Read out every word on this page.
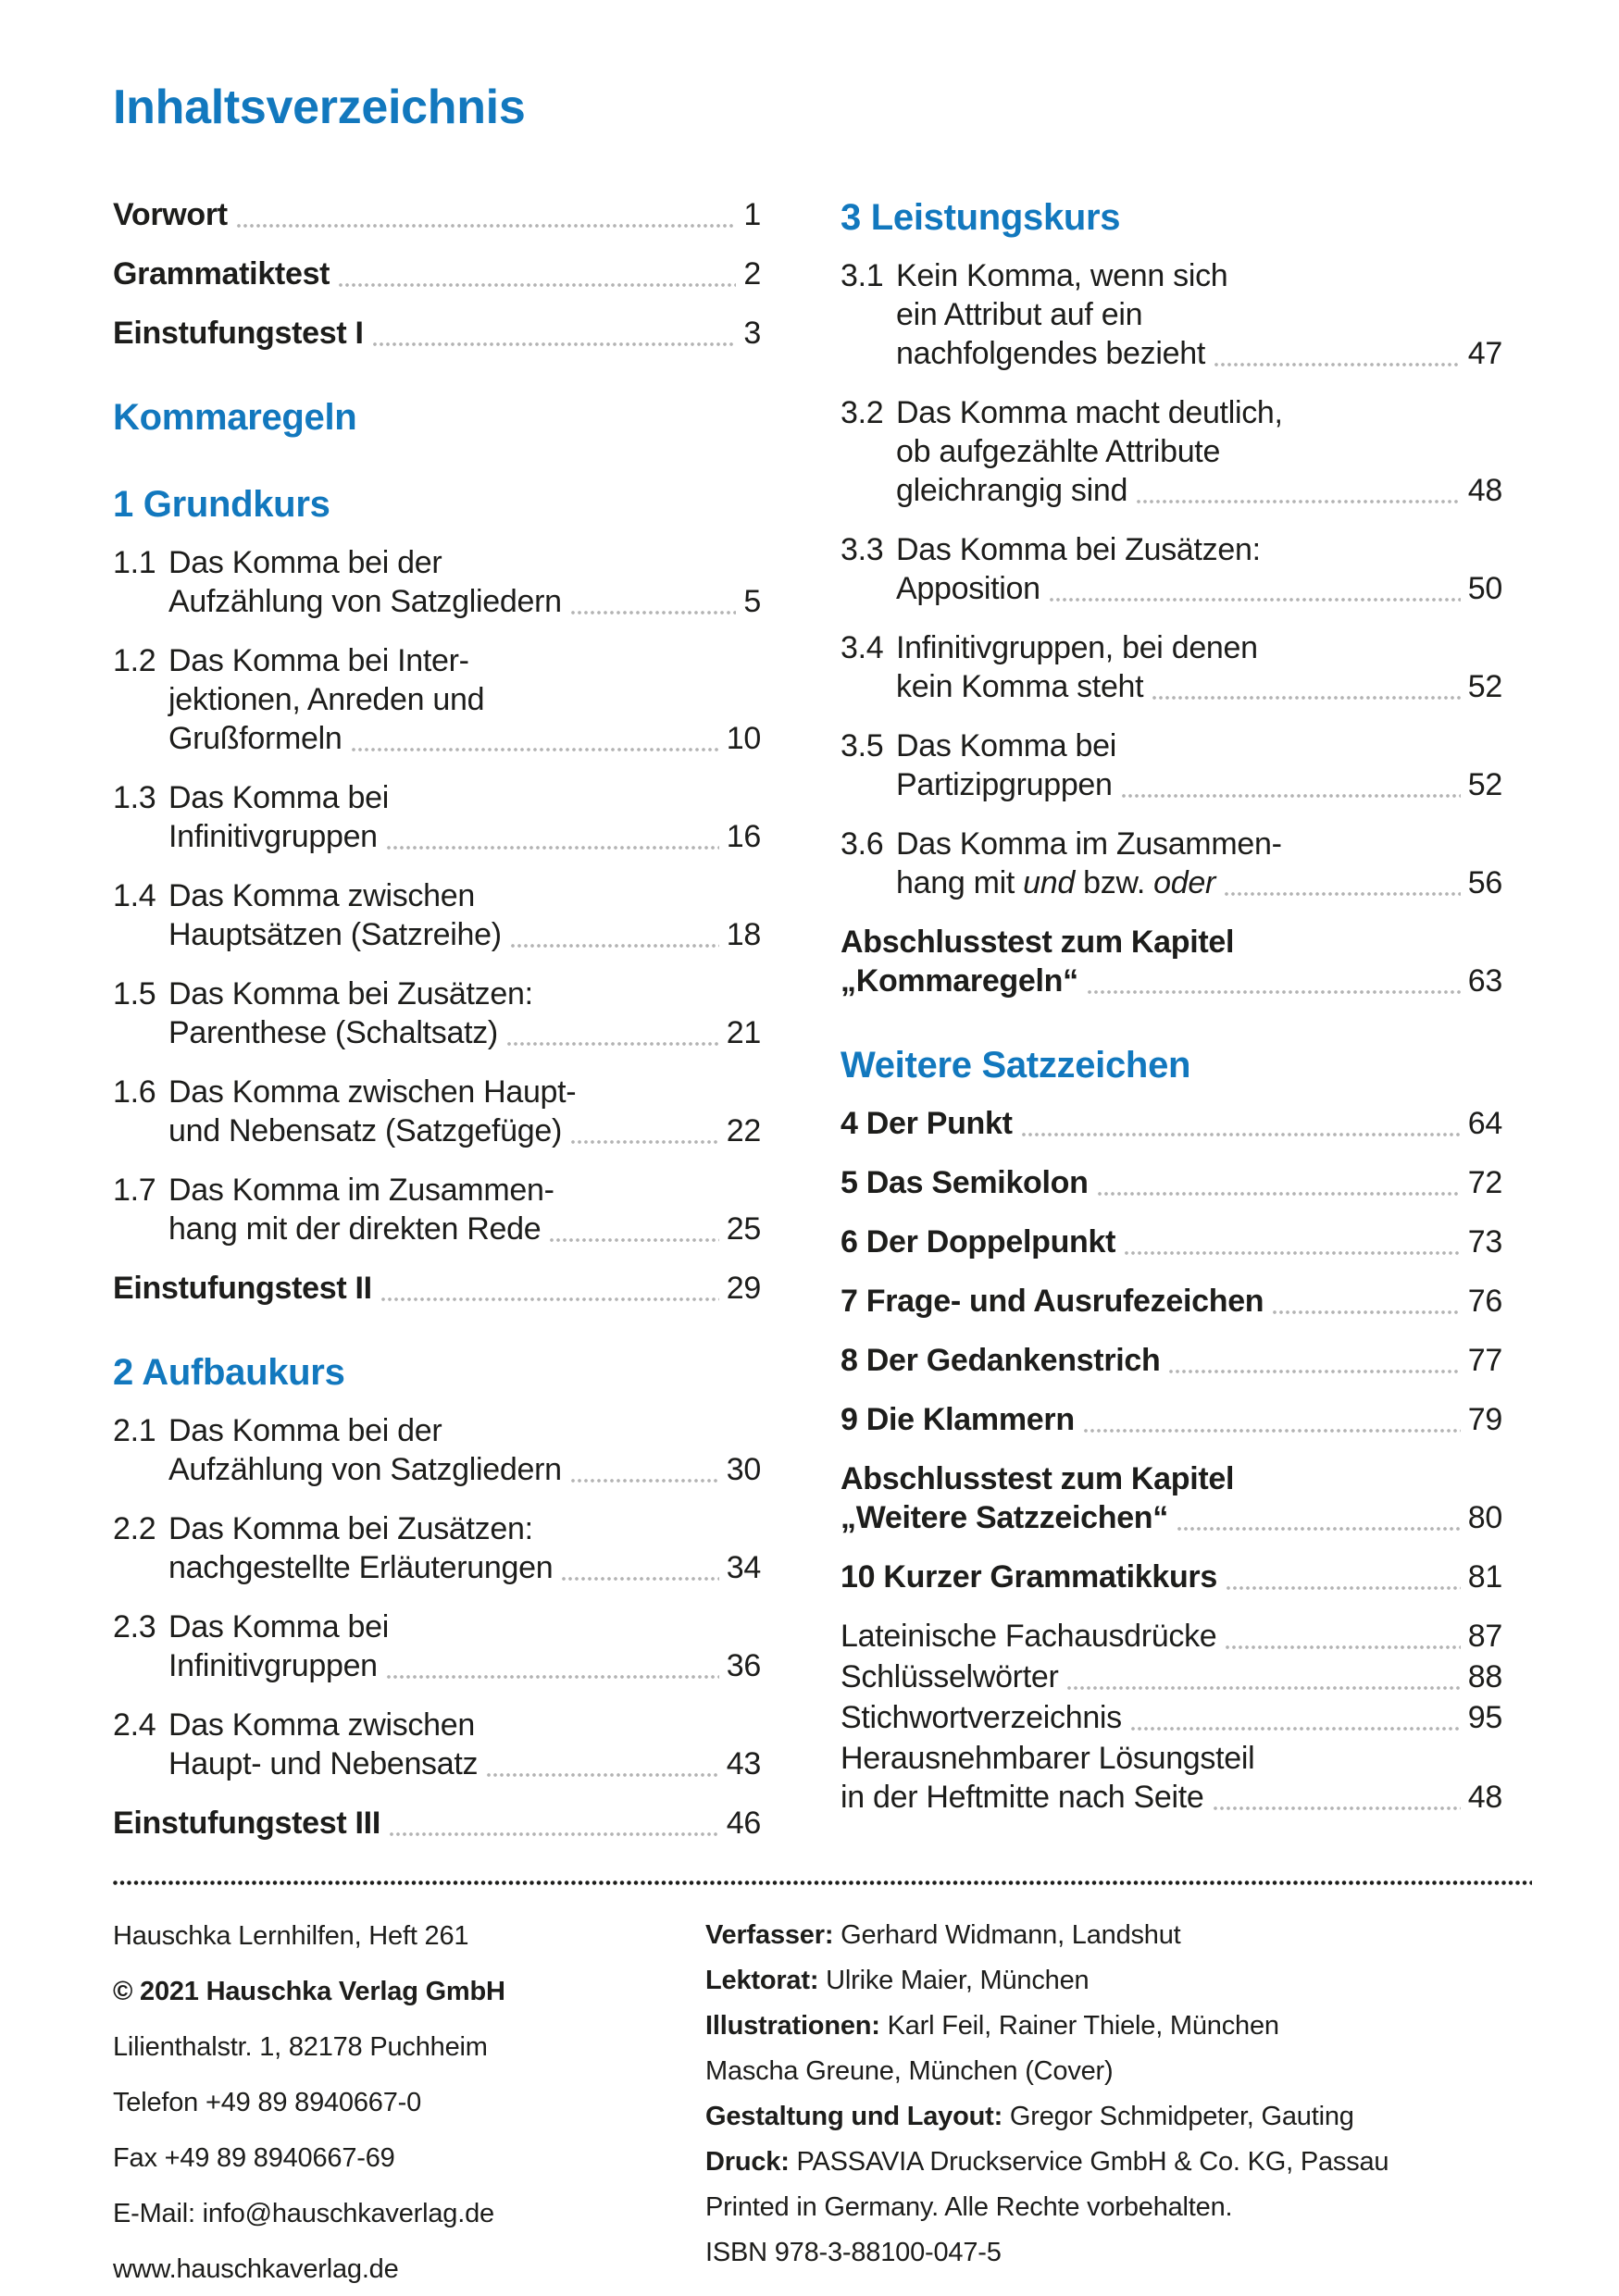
Inhaltsverzeichnis
Vorwort	1
Grammatiktest	2
Einstufungstest I	3
Kommaregeln
1 Grundkurs
1.1 Das Komma bei der
Aufzählung von Satzgliedern	5
1.2 Das Komma bei Inter-
jektionen, Anreden und
Grußformeln	10
1.3 Das Komma bei
Infinitivgruppen	16
1.4 Das Komma zwischen
Hauptsätzen (Satzreihe)	18
1.5 Das Komma bei Zusätzen:
Parenthese (Schaltsatz)	21
1.6 Das Komma zwischen Haupt-
und Nebensatz (Satzgefüge)	22
1.7 Das Komma im Zusammen-
hang mit der direkten Rede	25
Einstufungstest II	29
2 Aufbaukurs
2.1 Das Komma bei der
Aufzählung von Satzgliedern	30
2.2 Das Komma bei Zusätzen:
nachgestellte Erläuterungen	34
2.3 Das Komma bei
Infinitivgruppen	36
2.4 Das Komma zwischen
Haupt- und Nebensatz	43
Einstufungstest III	46
3 Leistungskurs
3.1 Kein Komma, wenn sich
ein Attribut auf ein
nachfolgendes bezieht	47
3.2 Das Komma macht deutlich,
ob aufgezählte Attribute
gleichrangig sind	48
3.3 Das Komma bei Zusätzen:
Apposition	50
3.4 Infinitivgruppen, bei denen
kein Komma steht	52
3.5 Das Komma bei
Partizipgruppen	52
3.6 Das Komma im Zusammen-
hang mit und bzw. oder	56
Abschlusstest zum Kapitel
„Kommaregeln“	63
Weitere Satzzeichen
4 Der Punkt	64
5 Das Semikolon	72
6 Der Doppelpunkt	73
7 Frage- und Ausrufezeichen	76
8 Der Gedankenstrich	77
9 Die Klammern	79
Abschlusstest zum Kapitel
„Weitere Satzzeichen“	80
10 Kurzer Grammatikkurs	81
Lateinische Fachausdrücke	87
Schlüsselwörter	88
Stichwortverzeichnis	95
Herausnehmbarer Lösungsteil
in der Heftmitte nach Seite	48
Hauschka Lernhilfen, Heft 261
© 2021 Hauschka Verlag GmbH
Lilienthalstr. 1, 82178 Puchheim
Telefon +49 89 8940667-0
Fax +49 89 8940667-69
E-Mail: info@hauschkaverlag.de
www.hauschkaverlag.de
Verfasser: Gerhard Widmann, Landshut
Lektorat: Ulrike Maier, München
Illustrationen: Karl Feil, Rainer Thiele, München
Mascha Greune, München (Cover)
Gestaltung und Layout: Gregor Schmidpeter, Gauting
Druck: PASSAVIA Druckservice GmbH & Co. KG, Passau
Printed in Germany. Alle Rechte vorbehalten.
ISBN 978-3-88100-047-5
